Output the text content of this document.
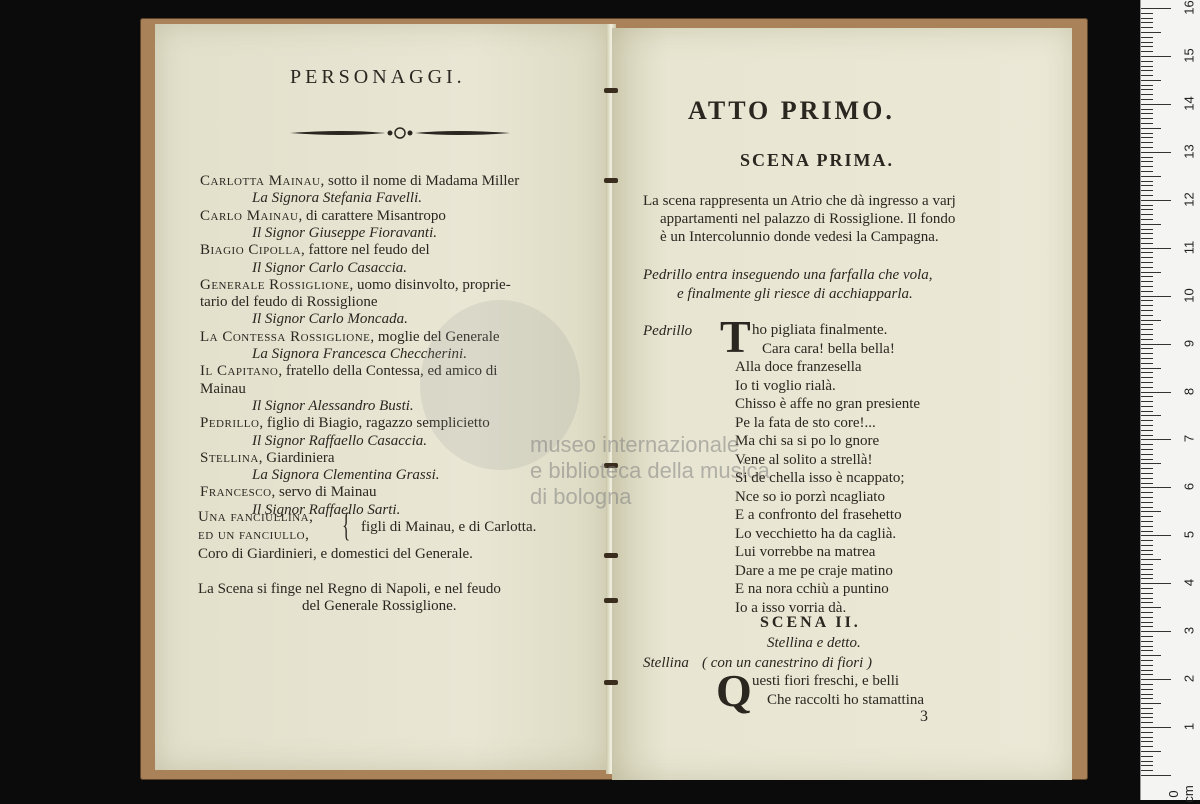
PERSONAGGI.
Carlotta Mainau, sotto il nome di Madama Miller
La Signora Stefania Favelli.
Carlo Mainau, di carattere Misantropo
Il Signor Giuseppe Fioravanti.
Biagio Cipolla, fattore nel feudo del
Il Signor Carlo Casaccia.
Generale Rossiglione, uomo disinvolto, proprie-
tario del feudo di Rossiglione
Il Signor Carlo Moncada.
La Contessa Rossiglione, moglie del Generale
La Signora Francesca Checcherini.
Il Capitano, fratello della Contessa, ed amico di
Mainau
Il Signor Alessandro Busti.
Pedrillo, figlio di Biagio, ragazzo semplicietto
Il Signor Raffaello Casaccia.
Stellina, Giardiniera
La Signora Clementina Grassi.
Francesco, servo di Mainau
Il Signor Raffaello Sarti.
Una fanciullina,
ed un fanciullo, { figli di Mainau, e di Carlotta.
Coro di Giardinieri, e domestici del Generale.
La Scena si finge nel Regno di Napoli, e nel feudo
del Generale Rossiglione.
museo internazionale
e biblioteca della musica
di bologna
ATTO PRIMO.
SCENA PRIMA.
La scena rappresenta un Atrio che dà ingresso a varj
appartamenti nel palazzo di Rossiglione. Il fondo
è un Intercolunnio donde vedesi la Campagna.
Pedrillo entra inseguendo una farfalla che vola,
e finalmente gli riesce di acchiapparla.
Pedrillo T ho pigliata finalmente.
Cara cara! bella bella!
Alla doce franzesella
Io ti voglio rialà.
Chisso è affe no gran presiente
Pe la fata de sto core!...
Ma chi sa si po lo gnore
Vene al solito a strellà!
Si de chella isso è ncappato;
Nce so io porzì ncagliato
E a confronto del frasehetto
Lo vecchietto ha da caglià.
Lui vorrebbe na matrea
Dare a me pe craje matino
E na nora cchiù a puntino
Io a isso vorria dà.
SCENA II.
Stellina e detto.
Stellina ( con un canestrino di fiori )
Q uesti fiori freschi, e belli
Che raccolti ho stamattina
3
16
15
14
13
12
11
10
9
8
7
6
5
4
3
2
1
0 cm
